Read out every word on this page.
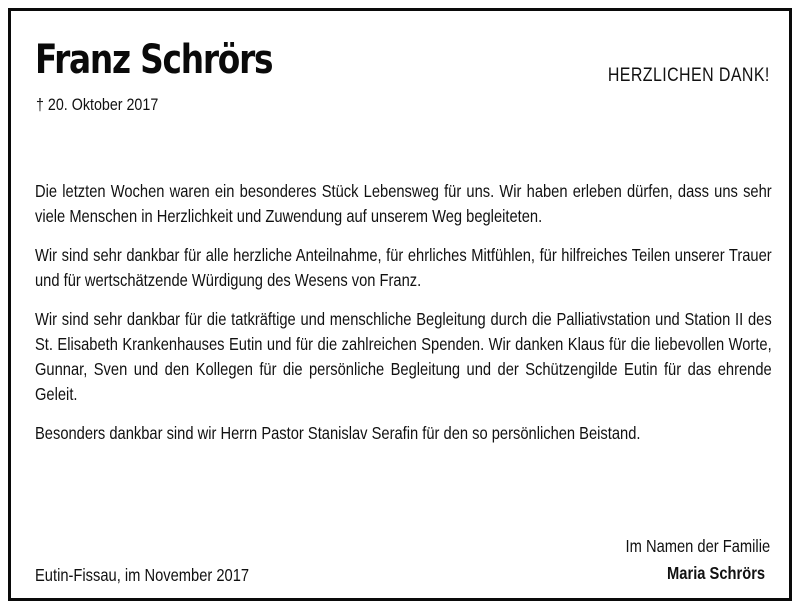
Franz Schrörs
† 20. Oktober 2017
HERZLICHEN DANK!

Die letzten Wochen waren ein besonderes Stück Lebensweg für uns. Wir haben erleben dürfen, dass uns sehr viele Menschen in Herzlichkeit und Zuwendung auf unserem Weg begleiteten.

Wir sind sehr dankbar für alle herzliche Anteilnahme, für ehrliches Mitfühlen, für hilfreiches Teilen unserer Trauer und für wertschätzende Würdigung des Wesens von Franz.

Wir sind sehr dankbar für die tatkräftige und menschliche Begleitung durch die Palliativstation und Station II des St. Elisabeth Krankenhauses Eutin und für die zahlreichen Spenden. Wir danken Klaus für die liebevollen Worte, Gunnar, Sven und den Kollegen für die persönliche Begleitung und der Schützengilde Eutin für das ehrende Geleit.

Besonders dankbar sind wir Herrn Pastor Stanislav Serafin für den so persönlichen Beistand.

Eutin-Fissau, im November 2017
Im Namen der Familie
Maria Schrörs
